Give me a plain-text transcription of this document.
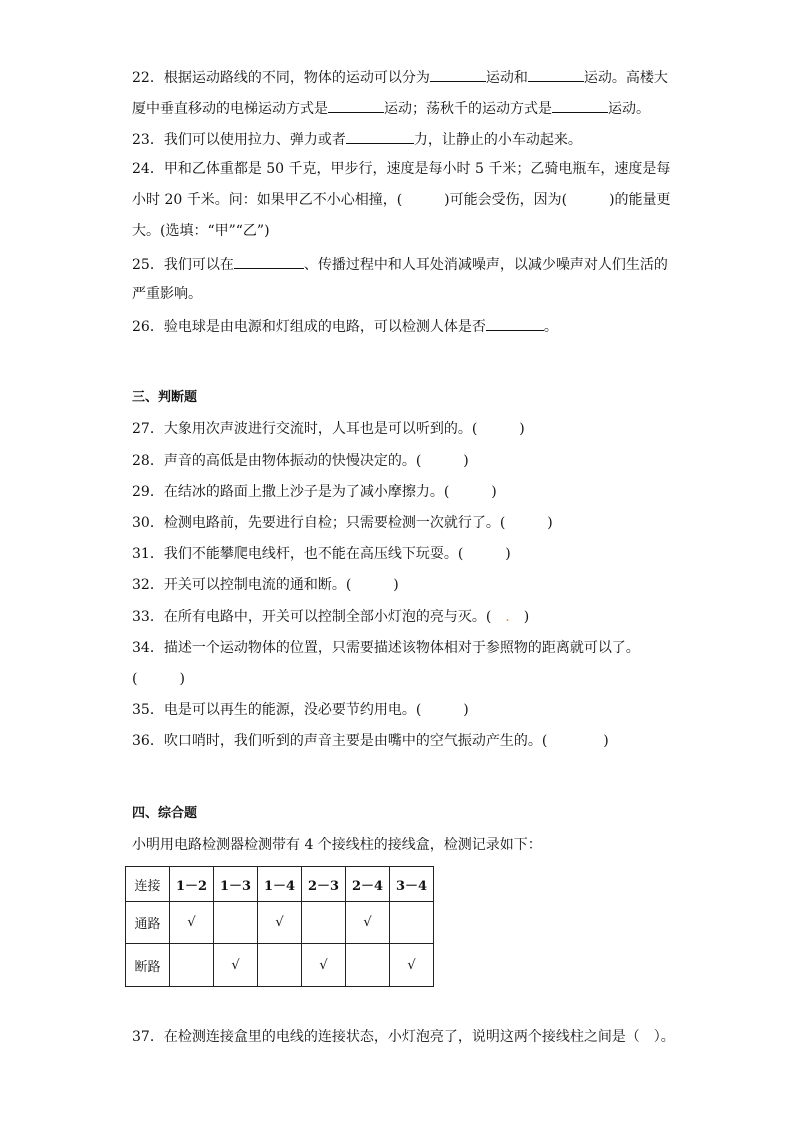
22．根据运动路线的不同，物体的运动可以分为	运动和	运动。高楼大
厦中垂直移动的电梯运动方式是	运动；荡秋千的运动方式是	运动。
23．我们可以使用拉力、弹力或者	力，让静止的小车动起来。
24．甲和乙体重都是 50 千克，甲步行，速度是每小时 5 千米；乙骑电瓶车，速度是每
小时 20 千米。问：如果甲乙不小心相撞，(　　　)可能会受伤，因为(　　　)的能量更
大。(选填：“甲”“乙”)
25．我们可以在	、传播过程中和人耳处消减噪声，以减少噪声对人们生活的
严重影响。
26．验电球是由电源和灯组成的电路，可以检测人体是否	。
三、判断题
27．大象用次声波进行交流时，人耳也是可以听到的。(　　　)
28．声音的高低是由物体振动的快慢决定的。(　　　)
29．在结冰的路面上撒上沙子是为了减小摩擦力。(　　　)
30．检测电路前，先要进行自检；只需要检测一次就行了。(　　　)
31．我们不能攀爬电线杆，也不能在高压线下玩耍。(　　　)
32．开关可以控制电流的通和断。(　　　)
33．在所有电路中，开关可以控制全部小灯泡的亮与灭。(　.　)
34．描述一个运动物体的位置，只需要描述该物体相对于参照物的距离就可以了。
(　　　)
35．电是可以再生的能源，没必要节约用电。(　　　)
36．吹口哨时，我们听到的声音主要是由嘴中的空气振动产生的。(　　　　)
四、综合题
小明用电路检测器检测带有 4 个接线柱的接线盒，检测记录如下：
连接	1－2	1－3	1－4	2－3	2－4	3－4
通路	√		√		√	
断路		√		√		√
37．在检测连接盒里的电线的连接状态，小灯泡亮了，说明这两个接线柱之间是（　）。
